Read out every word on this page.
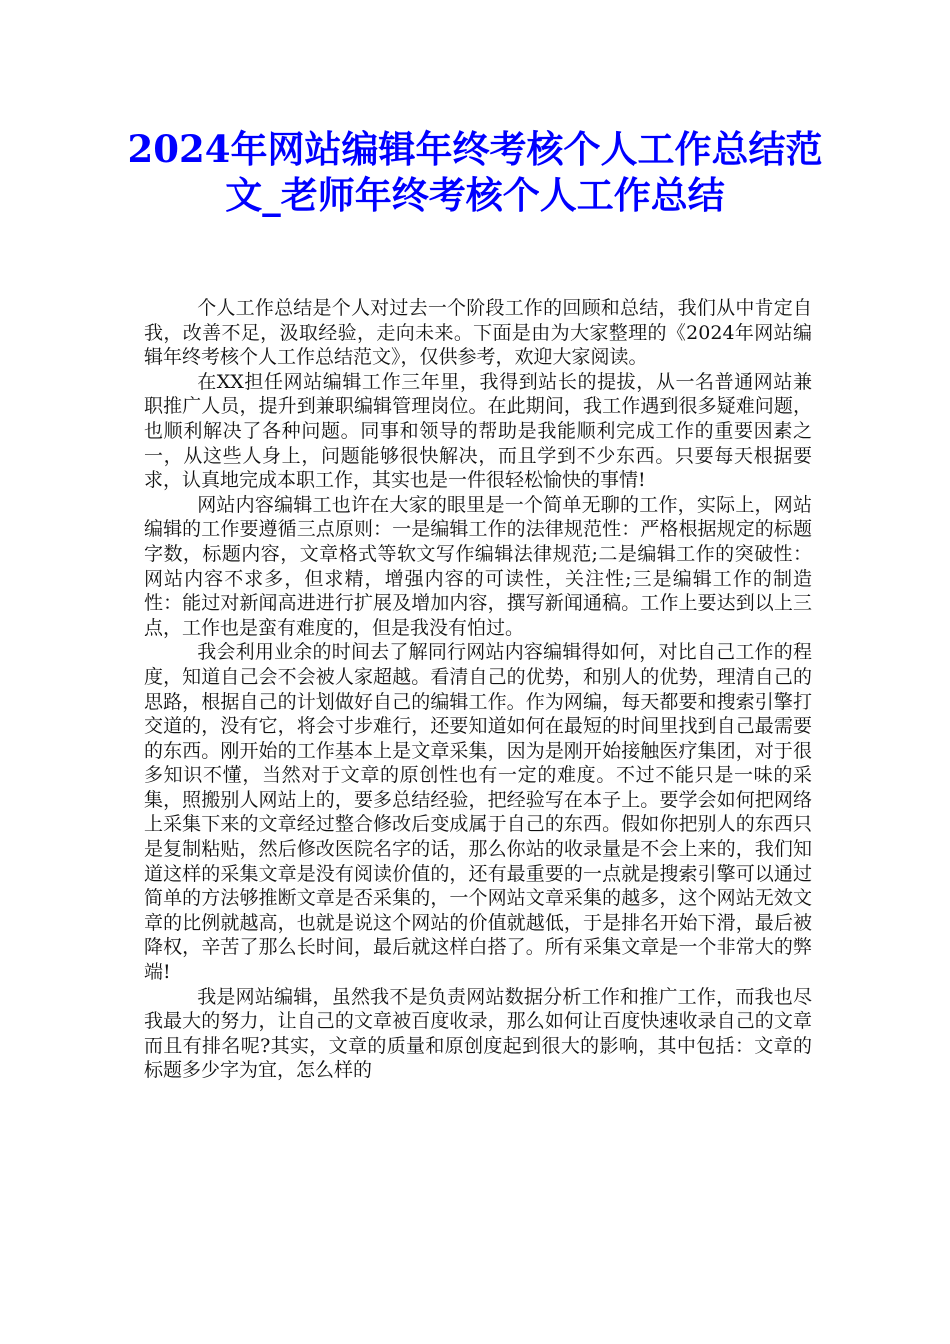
2024年网站编辑年终考核个人工作总结范文_老师年终考核个人工作总结

个人工作总结是个人对过去一个阶段工作的回顾和总结，我们从中肯定自我，改善不足，汲取经验，走向未来。下面是由为大家整理的《2024年网站编辑年终考核个人工作总结范文》，仅供参考，欢迎大家阅读。

在XX担任网站编辑工作三年里，我得到站长的提拔，从一名普通网站兼职推广人员，提升到兼职编辑管理岗位。在此期间，我工作遇到很多疑难问题，也顺利解决了各种问题。同事和领导的帮助是我能顺利完成工作的重要因素之一，从这些人身上，问题能够很快解决，而且学到不少东西。只要每天根据要求，认真地完成本职工作，其实也是一件很轻松愉快的事情!

网站内容编辑工也许在大家的眼里是一个简单无聊的工作，实际上，网站编辑的工作要遵循三点原则：一是编辑工作的法律规范性：严格根据规定的标题字数，标题内容，文章格式等软文写作编辑法律规范;二是编辑工作的突破性：网站内容不求多，但求精，增强内容的可读性，关注性;三是编辑工作的制造性：能过对新闻高进进行扩展及增加内容，撰写新闻通稿。工作上要达到以上三点，工作也是蛮有难度的，但是我没有怕过。

我会利用业余的时间去了解同行网站内容编辑得如何，对比自己工作的程度，知道自己会不会被人家超越。看清自己的优势，和别人的优势，理清自己的思路，根据自己的计划做好自己的编辑工作。作为网编，每天都要和搜索引擎打交道的，没有它，将会寸步难行，还要知道如何在最短的时间里找到自己最需要的东西。刚开始的工作基本上是文章采集，因为是刚开始接触医疗集团，对于很多知识不懂，当然对于文章的原创性也有一定的难度。不过不能只是一味的采集，照搬别人网站上的，要多总结经验，把经验写在本子上。要学会如何把网络上采集下来的文章经过整合修改后变成属于自己的东西。假如你把别人的东西只是复制粘贴，然后修改医院名字的话，那么你站的收录量是不会上来的，我们知道这样的采集文章是没有阅读价值的，还有最重要的一点就是搜索引擎可以通过简单的方法够推断文章是否采集的，一个网站文章采集的越多，这个网站无效文章的比例就越高，也就是说这个网站的价值就越低，于是排名开始下滑，最后被降权，辛苦了那么长时间，最后就这样白搭了。所有采集文章是一个非常大的弊端!

我是网站编辑，虽然我不是负责网站数据分析工作和推广工作，而我也尽我最大的努力，让自己的文章被百度收录，那么如何让百度快速收录自己的文章而且有排名呢?其实，文章的质量和原创度起到很大的影响，其中包括：文章的标题多少字为宜，怎么样的
